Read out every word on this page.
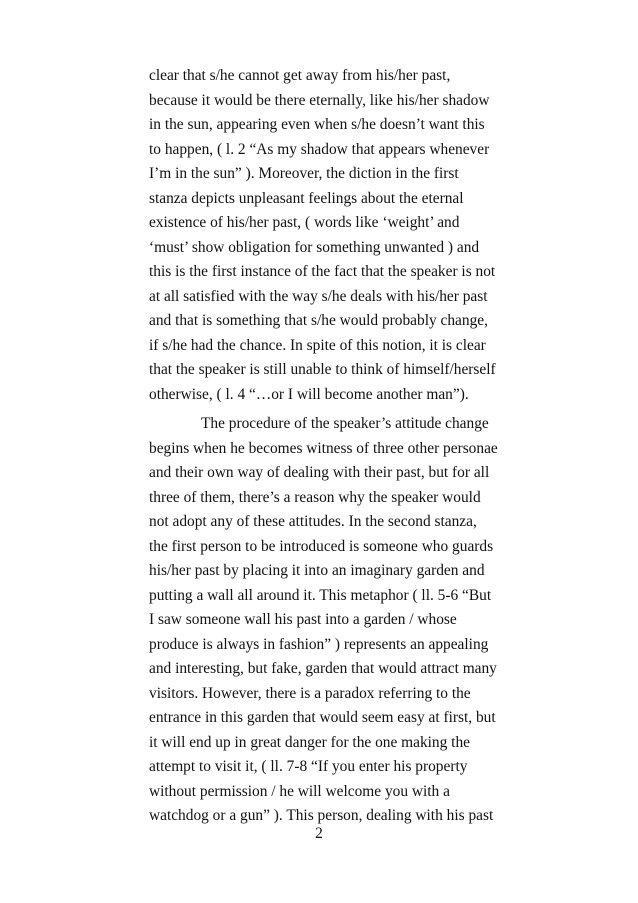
clear that s/he cannot get away from his/her past,
because it would be there eternally, like his/her shadow
in the sun, appearing even when s/he doesn’t want this
to happen, ( l. 2 “As my shadow that appears whenever
I’m in the sun” ). Moreover, the diction in the first
stanza depicts unpleasant feelings about the eternal
existence of his/her past, ( words like ‘weight’ and
‘must’ show obligation for something unwanted ) and
this is the first instance of the fact that the speaker is not
at all satisfied with the way s/he deals with his/her past
and that is something that s/he would probably change,
if s/he had the chance. In spite of this notion, it is clear
that the speaker is still unable to think of himself/herself
otherwise, ( l. 4 “…or I will become another man”).

The procedure of the speaker’s attitude change
begins when he becomes witness of three other personae
and their own way of dealing with their past, but for all
three of them, there’s a reason why the speaker would
not adopt any of these attitudes. In the second stanza,
the first person to be introduced is someone who guards
his/her past by placing it into an imaginary garden and
putting a wall all around it. This metaphor ( ll. 5-6 “But
I saw someone wall his past into a garden / whose
produce is always in fashion” ) represents an appealing
and interesting, but fake, garden that would attract many
visitors. However, there is a paradox referring to the
entrance in this garden that would seem easy at first, but
it will end up in great danger for the one making the
attempt to visit it, ( ll. 7-8 “If you enter his property
without permission / he will welcome you with a
watchdog or a gun” ). This person, dealing with his past

2
